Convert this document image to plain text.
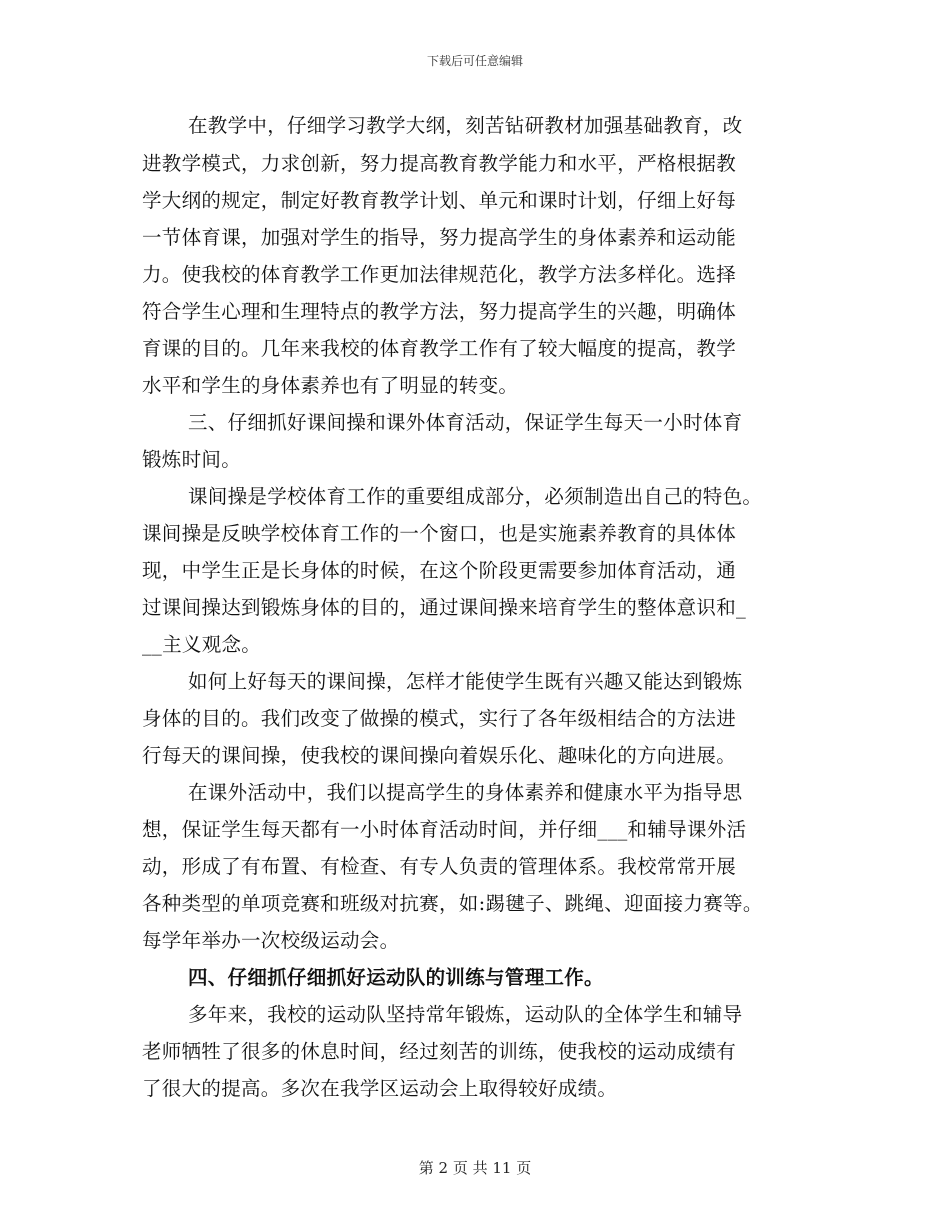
下载后可任意编辑
在教学中，仔细学习教学大纲，刻苦钻研教材加强基础教育，改
进教学模式，力求创新，努力提高教育教学能力和水平，严格根据教
学大纲的规定，制定好教育教学计划、单元和课时计划，仔细上好每
一节体育课，加强对学生的指导，努力提高学生的身体素养和运动能
力。使我校的体育教学工作更加法律规范化，教学方法多样化。选择
符合学生心理和生理特点的教学方法，努力提高学生的兴趣，明确体
育课的目的。几年来我校的体育教学工作有了较大幅度的提高，教学
水平和学生的身体素养也有了明显的转变。
三、仔细抓好课间操和课外体育活动，保证学生每天一小时体育
锻炼时间。
课间操是学校体育工作的重要组成部分，必须制造出自己的特色。
课间操是反映学校体育工作的一个窗口，也是实施素养教育的具体体
现，中学生正是长身体的时候，在这个阶段更需要参加体育活动，通
过课间操达到锻炼身体的目的，通过课间操来培育学生的整体意识和_
__主义观念。
如何上好每天的课间操，怎样才能使学生既有兴趣又能达到锻炼
身体的目的。我们改变了做操的模式，实行了各年级相结合的方法进
行每天的课间操，使我校的课间操向着娱乐化、趣味化的方向进展。
在课外活动中，我们以提高学生的身体素养和健康水平为指导思
想，保证学生每天都有一小时体育活动时间，并仔细___和辅导课外活
动，形成了有布置、有检查、有专人负责的管理体系。我校常常开展
各种类型的单项竞赛和班级对抗赛，如:踢毽子、跳绳、迎面接力赛等。
每学年举办一次校级运动会。
四、仔细抓仔细抓好运动队的训练与管理工作。
多年来，我校的运动队坚持常年锻炼，运动队的全体学生和辅导
老师牺牲了很多的休息时间，经过刻苦的训练，使我校的运动成绩有
了很大的提高。多次在我学区运动会上取得较好成绩。
第 2 页 共 11 页
